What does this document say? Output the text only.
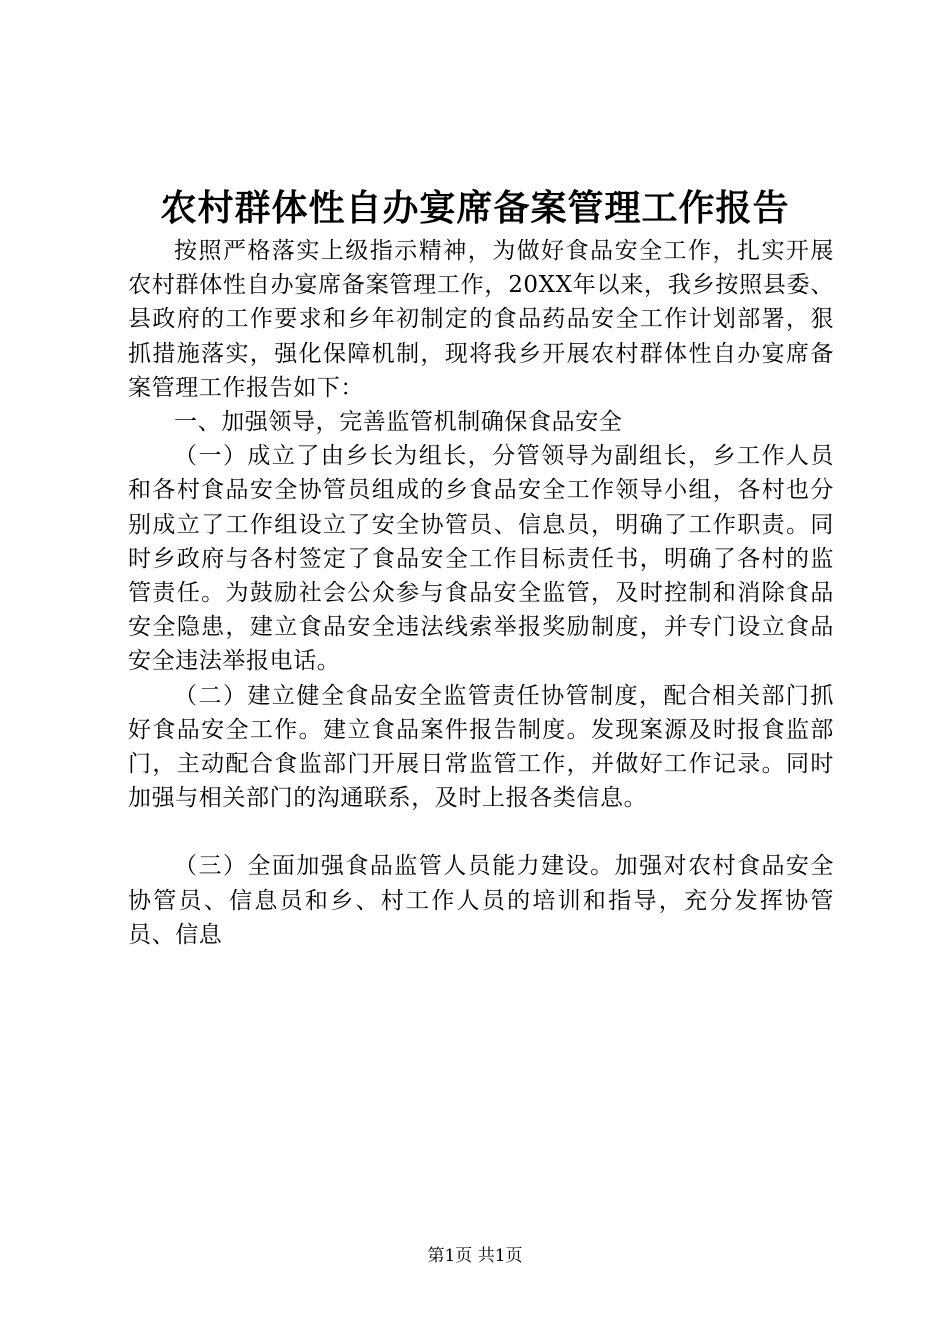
农村群体性自办宴席备案管理工作报告

按照严格落实上级指示精神，为做好食品安全工作，扎实开展农村群体性自办宴席备案管理工作，20XX年以来，我乡按照县委、县政府的工作要求和乡年初制定的食品药品安全工作计划部署，狠抓措施落实，强化保障机制，现将我乡开展农村群体性自办宴席备案管理工作报告如下：

一、加强领导，完善监管机制确保食品安全

（一）成立了由乡长为组长，分管领导为副组长，乡工作人员和各村食品安全协管员组成的乡食品安全工作领导小组，各村也分别成立了工作组设立了安全协管员、信息员，明确了工作职责。同时乡政府与各村签定了食品安全工作目标责任书，明确了各村的监管责任。为鼓励社会公众参与食品安全监管，及时控制和消除食品安全隐患，建立食品安全违法线索举报奖励制度，并专门设立食品安全违法举报电话。

（二）建立健全食品安全监管责任协管制度，配合相关部门抓好食品安全工作。建立食品案件报告制度。发现案源及时报食监部门，主动配合食监部门开展日常监管工作，并做好工作记录。同时加强与相关部门的沟通联系，及时上报各类信息。

（三）全面加强食品监管人员能力建设。加强对农村食品安全协管员、信息员和乡、村工作人员的培训和指导，充分发挥协管员、信息

第1页 共1页
